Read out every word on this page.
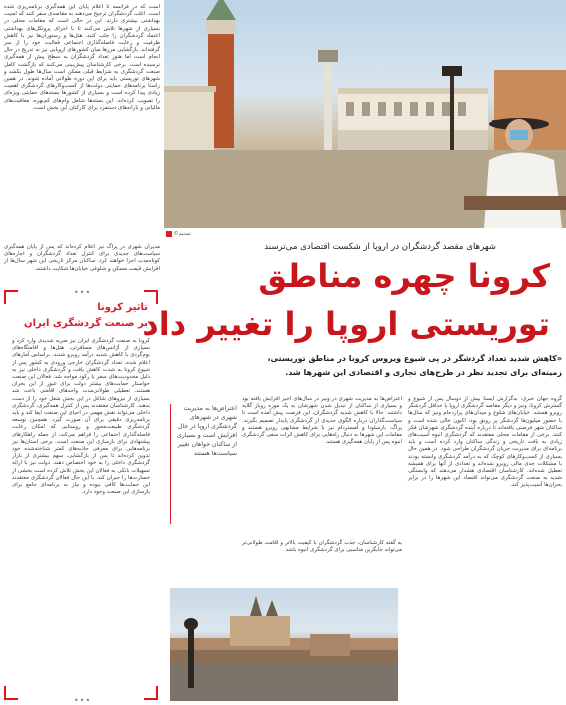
است که در فرانسه تا اعلام پایان این همه‌گیری برنامه‌ریزی شده است. اغلب گردشگران ترجیح می‌دهند به مقاصدی سفر کنند که امنیت بهداشتی بیشتری دارند. این در حالی است که مقامات محلی در بسیاری از شهرها تلاش می‌کنند تا با اجرای پروتکل‌های بهداشتی اعتماد گردشگران را جلب کنند. هتل‌ها و رستوران‌ها نیز با کاهش ظرفیت و رعایت فاصله‌گذاری اجتماعی فعالیت خود را از سر گرفته‌اند. بازگشایی مرزها میان کشورهای اروپایی نیز به تدریج در حال انجام است اما هنوز تعداد گردشگران به سطح پیش از همه‌گیری نرسیده است. برخی کارشناسان پیش‌بینی می‌کنند که بازگشت کامل صنعت گردشگری به شرایط قبلی ممکن است سال‌ها طول بکشد و شهرهای توریستی باید برای این دوره طولانی آماده شوند. در همین راستا برنامه‌های حمایتی دولت‌ها از کسب‌وکارهای گردشگری اهمیت زیادی پیدا کرده است و بسیاری از کشورها بسته‌های حمایتی ویژه‌ای را تصویب کرده‌اند. این بسته‌ها شامل وام‌های کم‌بهره، معافیت‌های مالیاتی و یارانه‌های دستمزد برای کارکنان این بخش است.
©تسنیم
شهرهای مقصد گردشگران در اروپا از شکست اقتصادی می‌ترسند
کرونا چهره مناطق
توریستی اروپا را تغییر داد
«کاهش شدید تعداد گردشگر در پی شیوع ویروس کرونا در مناطق توریستی،
زمینه‌ای برای تجدید نظر در طرح‌های تجاری و اقتصادی این شهرها شد.
مدیران شهری در پراگ نیز اعلام کرده‌اند که پس از پایان همه‌گیری سیاست‌های جدیدی برای کنترل تعداد گردشگران و اجاره‌های کوتاه‌مدت اجرا خواهند کرد. ساکنان مرکز تاریخی این شهر سال‌ها از افزایش قیمت مسکن و شلوغی خیابان‌ها شکایت داشتند.
•••
تاثیر کرونا
بر صنعت گردشگری ایران
کرونا به صنعت گردشگری ایران نیز ضربه شدیدی وارد کرد و بسیاری از آژانس‌های مسافرتی، هتل‌ها و اقامتگاه‌های بوم‌گردی با کاهش شدید درآمد روبرو شدند. براساس آمارهای اعلام شده، تعداد گردشگران خارجی ورودی به کشور پس از شیوع کرونا به شدت کاهش یافت و گردشگری داخلی نیز به دلیل محدودیت‌های سفر با رکود مواجه شد. فعالان این صنعت خواستار حمایت‌های بیشتر دولت برای عبور از این بحران هستند. تعطیلی طولانی‌مدت واحدهای اقامتی باعث شد بسیاری از نیروهای شاغل در این بخش شغل خود را از دست بدهند. کارشناسان معتقدند پس از کنترل همه‌گیری، گردشگری داخلی می‌تواند نقش مهمی در احیای این صنعت ایفا کند و باید برنامه‌ریزی دقیقی برای آن صورت گیرد. همچنین توسعه گردشگری طبیعت‌محور و روستایی که امکان رعایت فاصله‌گذاری اجتماعی را فراهم می‌کند، از جمله راهکارهای پیشنهادی برای بازسازی این صنعت است. برخی استان‌ها نیز برنامه‌هایی برای معرفی جاذبه‌های کمتر شناخته‌شده خود تدوین کرده‌اند تا پس از بازگشایی، سهم بیشتری از بازار گردشگری داخلی را به خود اختصاص دهند. دولت نیز با ارائه تسهیلات بانکی به فعالان این بخش تلاش کرده است بخشی از خسارت‌ها را جبران کند. با این حال فعالان گردشگری معتقدند این حمایت‌ها کافی نبوده و نیاز به برنامه‌ای جامع برای بازسازی این صنعت وجود دارد.
•••
اعتراض‌ها به مدیریت شهری در شهرهای گردشگری اروپا در حال افزایش است و بسیاری از ساکنان خواهان تغییر سیاست‌ها هستند
اعتراض‌ها به مدیریت شهری در ونیز در سال‌های اخیر افزایش یافته بود و بسیاری از ساکنان از تبدیل شدن شهرشان به یک موزه روباز گلایه داشتند. حالا با کاهش شدید گردشگران، این فرصت پیش آمده است تا سیاست‌گذاران درباره الگوی جدیدی از گردشگری پایدار تصمیم بگیرند. پراگ، بارسلونا و آمستردام نیز با شرایط مشابهی روبرو هستند و مقامات این شهرها به دنبال راه‌هایی برای کاهش اثرات منفی گردشگری انبوه پس از پایان همه‌گیری هستند.
به گفته کارشناسان، جذب گردشگران با کیفیت بالاتر و اقامت طولانی‌تر می‌تواند جایگزین مناسبی برای گردشگری انبوه باشد.
گروه جهان خبری: به‌گزارش ایسنا بیش از دوسال پس از شیوع و گسترش کرونا، ونیز و دیگر مقاصد گردشگری اروپا با حداقل گردشگر روبرو هستند. خیابان‌های شلوغ و میدان‌های پرازدحام ونیز که سال‌ها با حضور میلیون‌ها گردشگر پر رونق بود، اکنون خالی شده است و ساکنان شهر فرصتی یافته‌اند تا درباره آینده گردشگری شهرشان فکر کنند. برخی از مقامات محلی معتقدند که گردشگری انبوه آسیب‌های زیادی به بافت تاریخی و زندگی ساکنان وارد کرده است و باید برنامه‌ای برای مدیریت جریان گردشگران طراحی شود. در همین حال بسیاری از کسب‌وکارهای کوچک که به درآمد گردشگری وابسته بودند با مشکلات جدی مالی روبرو شده‌اند و تعدادی از آنها برای همیشه تعطیل شده‌اند. کارشناسان اقتصادی هشدار می‌دهند که وابستگی شدید به صنعت گردشگری می‌تواند اقتصاد این شهرها را در برابر بحران‌ها آسیب‌پذیر کند.
